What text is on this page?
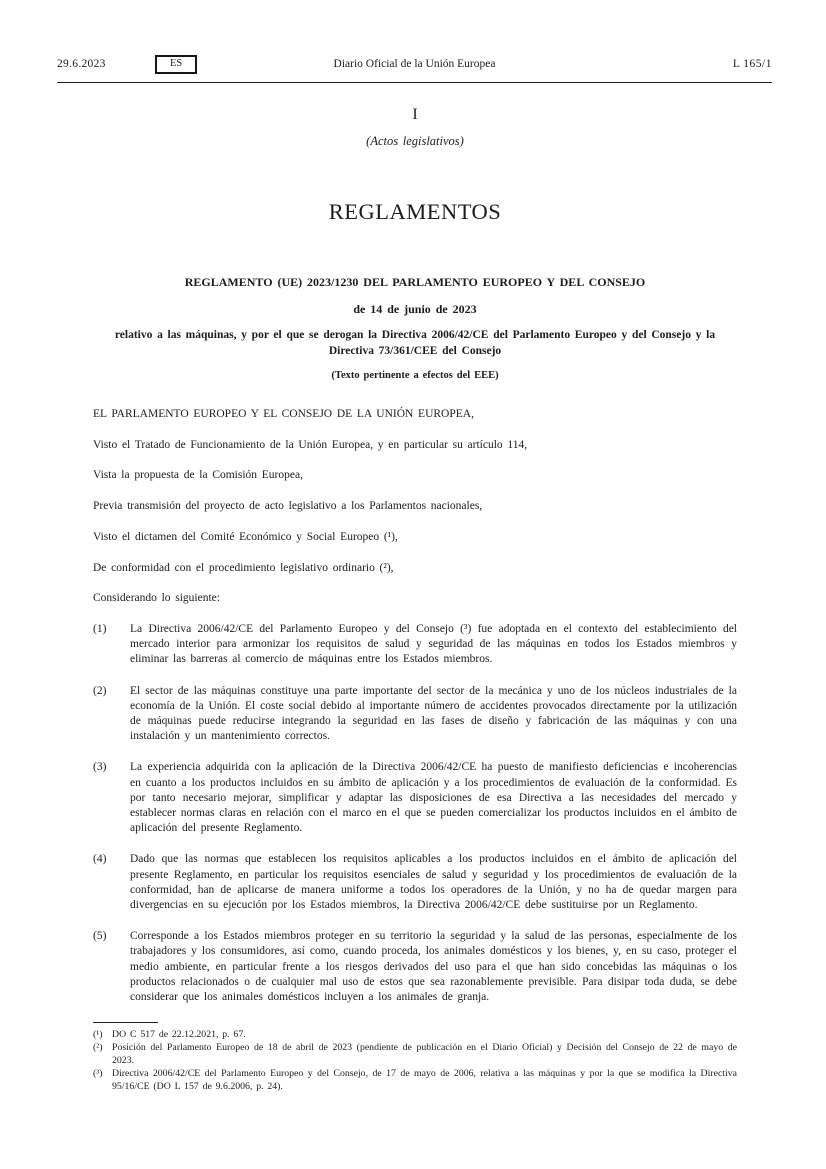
29.6.2023	ES	Diario Oficial de la Unión Europea	L 165/1
I
(Actos legislativos)
REGLAMENTOS

REGLAMENTO (UE) 2023/1230 DEL PARLAMENTO EUROPEO Y DEL CONSEJO

de 14 de junio de 2023

relativo a las máquinas, y por el que se derogan la Directiva 2006/42/CE del Parlamento Europeo y del Consejo y la Directiva 73/361/CEE del Consejo

(Texto pertinente a efectos del EEE)

EL PARLAMENTO EUROPEO Y EL CONSEJO DE LA UNIÓN EUROPEA,

Visto el Tratado de Funcionamiento de la Unión Europea, y en particular su artículo 114,

Vista la propuesta de la Comisión Europea,

Previa transmisión del proyecto de acto legislativo a los Parlamentos nacionales,

Visto el dictamen del Comité Económico y Social Europeo (¹),

De conformidad con el procedimiento legislativo ordinario (²),

Considerando lo siguiente:

(1)	La Directiva 2006/42/CE del Parlamento Europeo y del Consejo (³) fue adoptada en el contexto del establecimiento del mercado interior para armonizar los requisitos de salud y seguridad de las máquinas en todos los Estados miembros y eliminar las barreras al comercio de máquinas entre los Estados miembros.
(2)	El sector de las máquinas constituye una parte importante del sector de la mecánica y uno de los núcleos industriales de la economía de la Unión. El coste social debido al importante número de accidentes provocados directamente por la utilización de máquinas puede reducirse integrando la seguridad en las fases de diseño y fabricación de las máquinas y con una instalación y un mantenimiento correctos.
(3)	La experiencia adquirida con la aplicación de la Directiva 2006/42/CE ha puesto de manifiesto deficiencias e incoherencias en cuanto a los productos incluidos en su ámbito de aplicación y a los procedimientos de evaluación de la conformidad. Es por tanto necesario mejorar, simplificar y adaptar las disposiciones de esa Directiva a las necesidades del mercado y establecer normas claras en relación con el marco en el que se pueden comercializar los productos incluidos en el ámbito de aplicación del presente Reglamento.
(4)	Dado que las normas que establecen los requisitos aplicables a los productos incluidos en el ámbito de aplicación del presente Reglamento, en particular los requisitos esenciales de salud y seguridad y los procedimientos de evaluación de la conformidad, han de aplicarse de manera uniforme a todos los operadores de la Unión, y no ha de quedar margen para divergencias en su ejecución por los Estados miembros, la Directiva 2006/42/CE debe sustituirse por un Reglamento.
(5)	Corresponde a los Estados miembros proteger en su territorio la seguridad y la salud de las personas, especialmente de los trabajadores y los consumidores, así como, cuando proceda, los animales domésticos y los bienes, y, en su caso, proteger el medio ambiente, en particular frente a los riesgos derivados del uso para el que han sido concebidas las máquinas o los productos relacionados o de cualquier mal uso de estos que sea razonablemente previsible. Para disipar toda duda, se debe considerar que los animales domésticos incluyen a los animales de granja.
(¹) DO C 517 de 22.12.2021, p. 67.
(²) Posición del Parlamento Europeo de 18 de abril de 2023 (pendiente de publicación en el Diario Oficial) y Decisión del Consejo de 22 de mayo de 2023.
(³) Directiva 2006/42/CE del Parlamento Europeo y del Consejo, de 17 de mayo de 2006, relativa a las máquinas y por la que se modifica la Directiva 95/16/CE (DO L 157 de 9.6.2006, p. 24).
